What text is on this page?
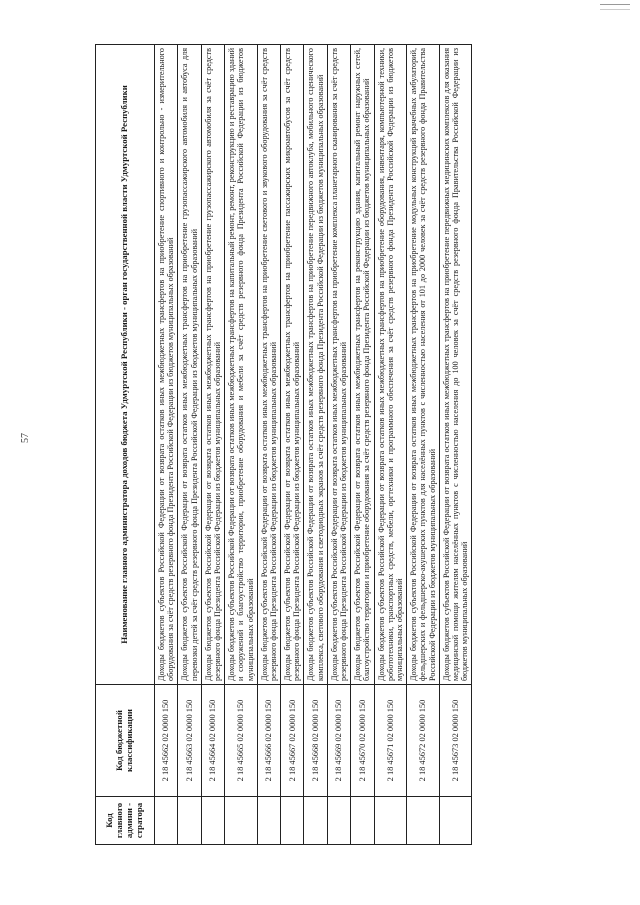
57
Код главного админи - стратора	Код бюджетной классификации	Наименование главного администратора доходов бюджета Удмуртской Республики - орган государственной власти Удмуртской Республики
	2 18 45662 02 0000 150	Доходы бюджетов субъектов Российской Федерации от возврата остатков иных межбюджетных трансфертов на приобретение спортивного и контрольно - измерительного оборудования за счёт средств резервного фонда Президента Российской Федерации из бюджетов муниципальных образований
	2 18 45663 02 0000 150	Доходы бюджетов субъектов Российской Федерации от возврата остатков иных межбюджетных трансфертов на приобретение грузопассажирского автомобиля и автобуса для перевозки детей за счёт средств резервного фонда Президента Российской Федерации из бюджетов муниципальных образований
	2 18 45664 02 0000 150	Доходы бюджетов субъектов Российской Федерации от возврата остатков иных межбюджетных трансфертов на приобретение грузопассажирского автомобиля за счёт средств резервного фонда Президента Российской Федерации из бюджетов муниципальных образований
	2 18 45665 02 0000 150	Доходы бюджетов субъектов Российской Федерации от возврата остатков иных межбюджетных трансфертов на капитальный ремонт, ремонт, реконструкцию и реставрацию зданий и сооружений и благоустройство территории, приобретение оборудования и мебели за счёт средств резервного фонда Президента Российской Федерации из бюджетов муниципальных образований
	2 18 45666 02 0000 150	Доходы бюджетов субъектов Российской Федерации от возврата остатков иных межбюджетных трансфертов на приобретение светового и звукового оборудования за счёт средств резервного фонда Президента Российской Федерации из бюджетов муниципальных образований
	2 18 45667 02 0000 150	Доходы бюджетов субъектов Российской Федерации от возврата остатков иных межбюджетных трансфертов на приобретение пассажирских микроавтобусов за счёт средств резервного фонда Президента Российской Федерации из бюджетов муниципальных образований
	2 18 45668 02 0000 150	Доходы бюджетов субъектов Российской Федерации от возврата остатков иных межбюджетных трансфертов на приобретение передвижного автоклуба, мобильного сценического комплекса, светового оборудования и светодиодных экранов за счёт средств резервного фонда Президента Российской Федерации из бюджетов муниципальных образований
	2 18 45669 02 0000 150	Доходы бюджетов субъектов Российской Федерации от возврата остатков иных межбюджетных трансфертов на приобретение комплекса планетарного сканирования за счёт средств резервного фонда Президента Российской Федерации из бюджетов муниципальных образований
	2 18 45670 02 0000 150	Доходы бюджетов субъектов Российской Федерации от возврата остатков иных межбюджетных трансфертов на реконструкцию здания, капитальный ремонт наружных сетей, благоустройство территории и приобретение оборудования за счёт средств резервного фонда Президента Российской Федерации из бюджетов муниципальных образований
	2 18 45671 02 0000 150	Доходы бюджетов субъектов Российской Федерации от возврата остатков иных межбюджетных трансфертов на приобретение оборудования, инвентаря, компьютерной техники, робототехники, транспортных средств, мебели, оргтехники и программного обеспечения за счёт средств резервного фонда Президента Российской Федерации из бюджетов муниципальных образований
	2 18 45672 02 0000 150	Доходы бюджетов субъектов Российской Федерации от возврата остатков иных межбюджетных трансфертов на приобретение модульных конструкций врачебных амбулаторий, фельдшерских и фельдшерско-акушерских пунктов для населённых пунктов с численностью населения от 101 до 2000 человек за счёт средств резервного фонда Правительства Российской Федерации из бюджетов муниципальных образований
	2 18 45673 02 0000 150	Доходы бюджетов субъектов Российской Федерации от возврата остатков иных межбюджетных трансфертов на приобретение передвижных медицинских комплексов для оказания медицинской помощи жителям населённых пунктов с численностью населения до 100 человек за счёт средств резервного фонда Правительства Российской Федерации из бюджетов муниципальных образований
